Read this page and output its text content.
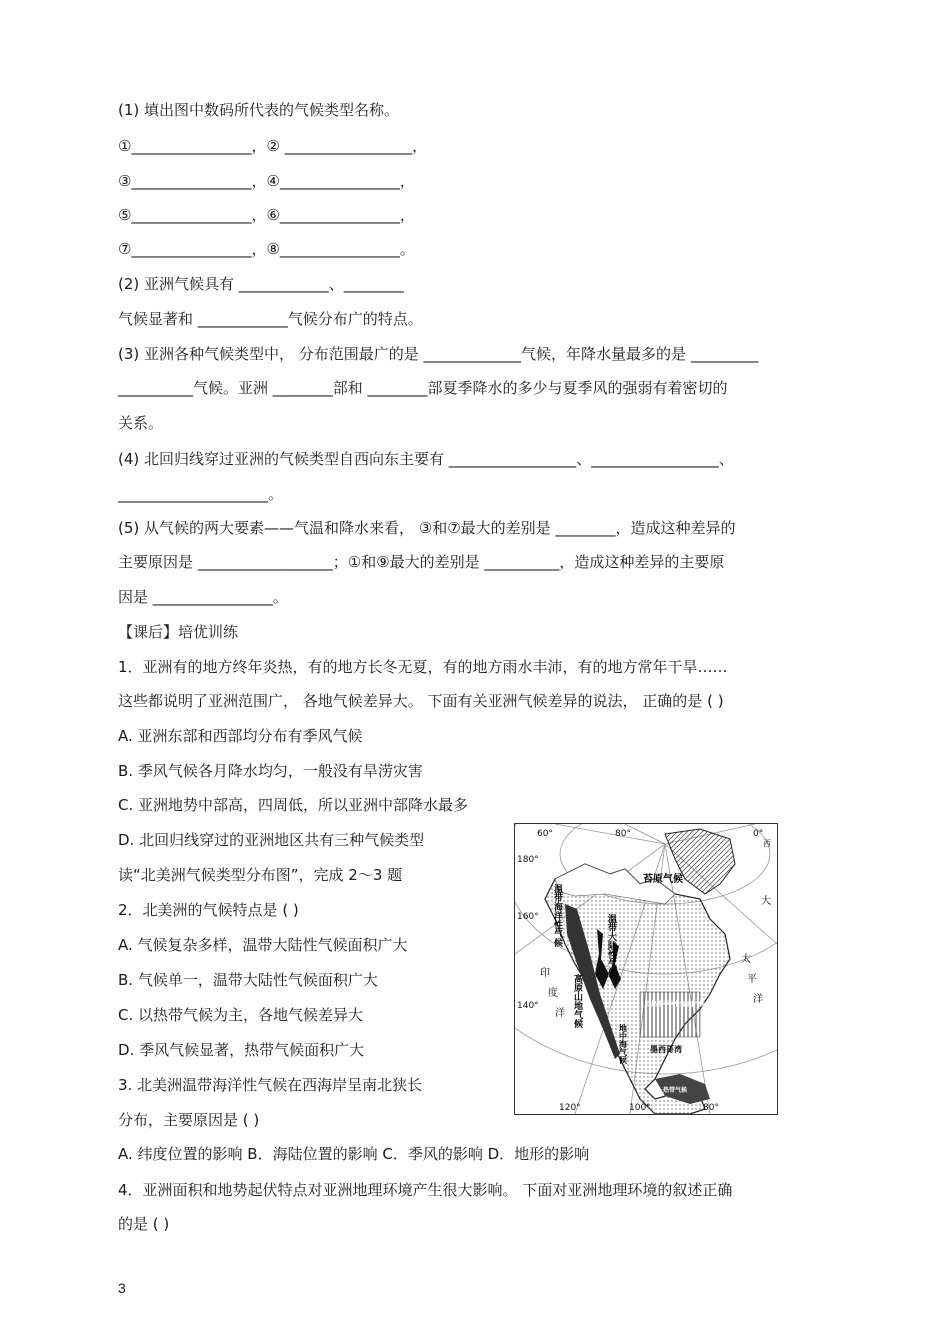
(1) 填出图中数码所代表的气候类型名称。
①________________，② _________________，
③________________，④________________，
⑤________________，⑥________________，
⑦________________，⑧________________。
(2) 亚洲气候具有 ____________、________
气候显著和 ____________气候分布广的特点。
(3) 亚洲各种气候类型中， 分布范围最广的是 _____________气候，年降水量最多的是 _________
__________气候。亚洲 ________部和 ________部夏季降水的多少与夏季风的强弱有着密切的
关系。
(4) 北回归线穿过亚洲的气候类型自西向东主要有 _________________、_________________、
____________________。
(5) 从气候的两大要素——气温和降水来看， ③和⑦最大的差别是 ________，造成这种差异的
主要原因是 __________________；①和⑨最大的差别是 __________，造成这种差异的主要原
因是 ________________。
【课后】培优训练
1．亚洲有的地方终年炎热，有的地方长冬无夏，有的地方雨水丰沛，有的地方常年干旱……
这些都说明了亚洲范围广， 各地气候差异大。 下面有关亚洲气候差异的说法， 正确的是 ( )
A. 亚洲东部和西部均分布有季风气候
B. 季风气候各月降水均匀，一般没有旱涝灾害
C. 亚洲地势中部高，四周低，所以亚洲中部降水最多
D. 北回归线穿过的亚洲地区共有三种气候类型
读“北美洲气候类型分布图”，完成 2～3 题
2．北美洲的气候特点是 ( )
A. 气候复杂多样，温带大陆性气候面积广大
B. 气候单一，温带大陆性气候面积广大
C. 以热带气候为主，各地气候差异大
D. 季风气候显著，热带气候面积广大
3. 北美洲温带海洋性气候在西海岸呈南北狭长
分布，主要原因是 ( )
A. 纬度位置的影响 B．海陆位置的影响 C．季风的影响 D．地形的影响
4．亚洲面积和地势起伏特点对亚洲地理环境产生很大影响。 下面对亚洲地理环境的叙述正确
的是 ( )
60°	80°	0°
西
180°
160°
140°
120°	100°	80°
苔原气候
亚热带季风性湿润气候
热带气候
墨西哥湾
温带大陆性气候
温带海洋性气候
高原山地气候
地中海气候
印
度
洋
大
太
平
洋
3
